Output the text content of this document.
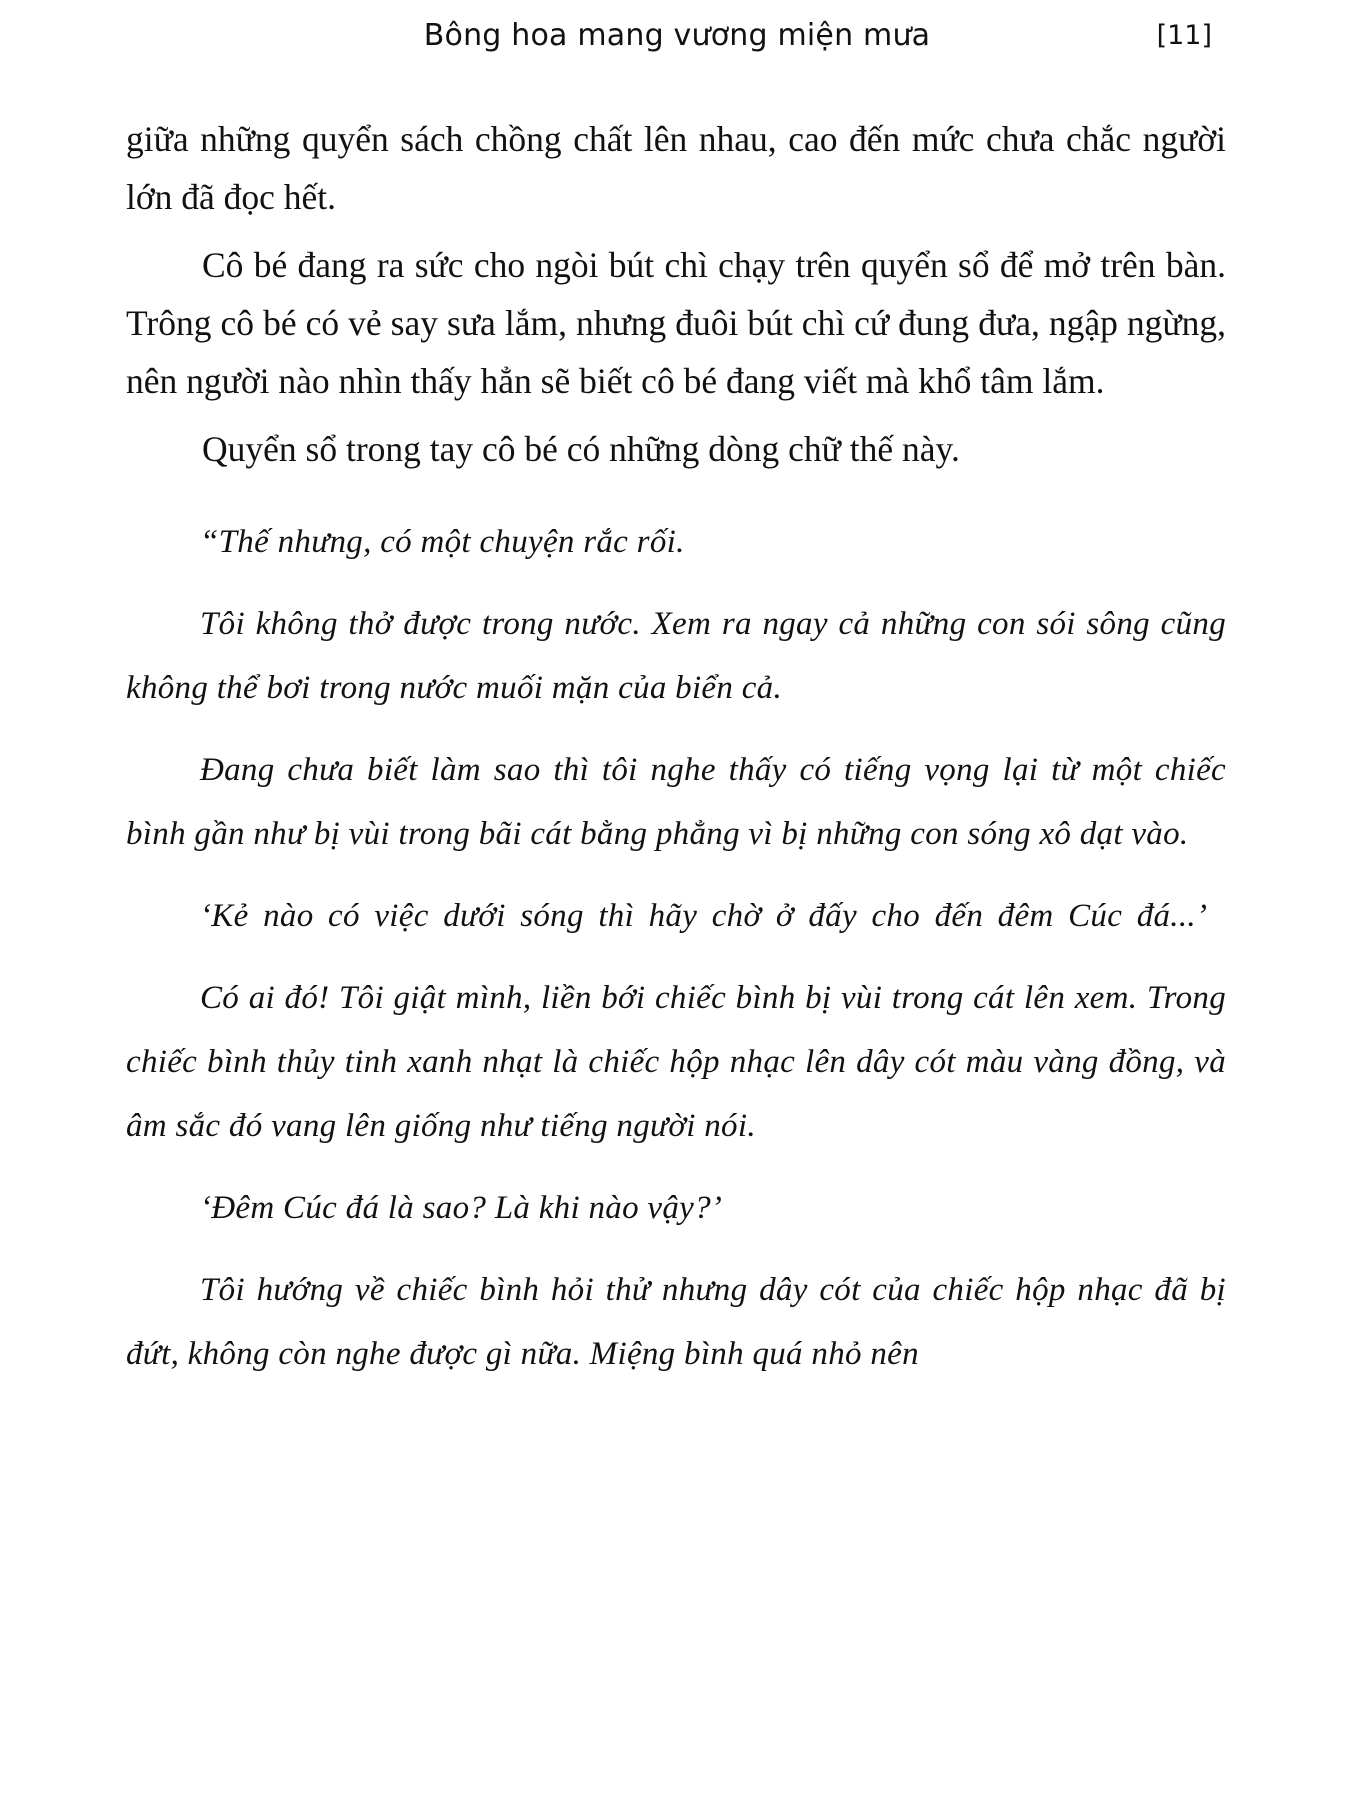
Bông hoa mang vương miện mưa	[11]

giữa những quyển sách chồng chất lên nhau, cao đến mức chưa chắc người lớn đã đọc hết.

Cô bé đang ra sức cho ngòi bút chì chạy trên quyển sổ để mở trên bàn. Trông cô bé có vẻ say sưa lắm, nhưng đuôi bút chì cứ đung đưa, ngập ngừng, nên người nào nhìn thấy hẳn sẽ biết cô bé đang viết mà khổ tâm lắm.

Quyển sổ trong tay cô bé có những dòng chữ thế này.

“Thế nhưng, có một chuyện rắc rối.

Tôi không thở được trong nước. Xem ra ngay cả những con sói sông cũng không thể bơi trong nước muối mặn của biển cả.

Đang chưa biết làm sao thì tôi nghe thấy có tiếng vọng lại từ một chiếc bình gần như bị vùi trong bãi cát bằng phẳng vì bị những con sóng xô dạt vào.

‘Kẻ nào có việc dưới sóng thì hãy chờ ở đấy cho đến đêm Cúc đá...’

Có ai đó! Tôi giật mình, liền bới chiếc bình bị vùi trong cát lên xem. Trong chiếc bình thủy tinh xanh nhạt là chiếc hộp nhạc lên dây cót màu vàng đồng, và âm sắc đó vang lên giống như tiếng người nói.

‘Đêm Cúc đá là sao? Là khi nào vậy?’

Tôi hướng về chiếc bình hỏi thử nhưng dây cót của chiếc hộp nhạc đã bị đứt, không còn nghe được gì nữa. Miệng bình quá nhỏ nên
